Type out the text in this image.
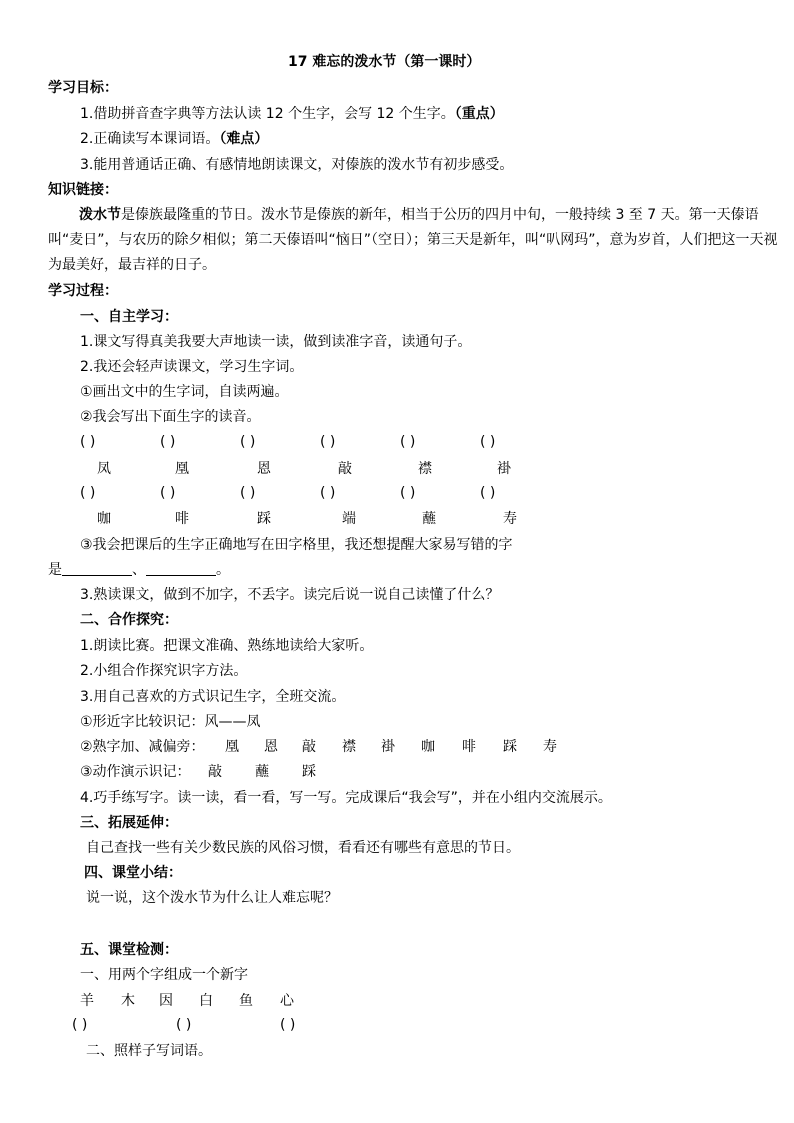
17 难忘的泼水节（第一课时）
学习目标：
1.借助拼音查字典等方法认读 12 个生字，会写 12 个生字。（重点）
2.正确读写本课词语。（难点）
3.能用普通话正确、有感情地朗读课文，对傣族的泼水节有初步感受。
知识链接：

泼水节是傣族最隆重的节日。泼水节是傣族的新年，相当于公历的四月中旬，一般持续 3 至 7 天。第一天傣语叫“麦日”，与农历的除夕相似；第二天傣语叫“恼日”（空日）；第三天是新年，叫“叭网玛”，意为岁首，人们把这一天视为最美好，最吉祥的日子。

学习过程：
一、自主学习：
1.课文写得真美我要大声地读一读，做到读准字音，读通句子。
2.我还会轻声读课文，学习生字词。
①画出文中的生字词，自读两遍。
②我会写出下面生字的读音。
( )	( )	( )	( )	( )	( )
凤	凰	恩	敲	襟	褂
( )	( )	( )	( )	( )	( )
咖	啡	踩	端	蘸	寿
③我会把课后的生字正确地写在田字格里，我还想提醒大家易写错的字
是	、	。
3.熟读课文，做到不加字，不丢字。读完后说一说自己读懂了什么？
二、合作探究：
1.朗读比赛。把课文准确、熟练地读给大家听。
2.小组合作探究识字方法。
3.用自己喜欢的方式识记生字，全班交流。
①形近字比较识记：风——凤
②熟字加、减偏旁： 凰 恩 敲 襟 褂 咖 啡 踩 寿
③动作演示识记： 敲 蘸 踩
4.巧手练写字。读一读，看一看，写一写。完成课后“我会写”，并在小组内交流展示。
三、拓展延伸：
自己查找一些有关少数民族的风俗习惯，看看还有哪些有意思的节日。
四、课堂小结：
说一说，这个泼水节为什么让人难忘呢？
五、课堂检测：
一、用两个字组成一个新字
羊 木 因 白 鱼 心
( )	( )	( )
二、照样子写词语。
